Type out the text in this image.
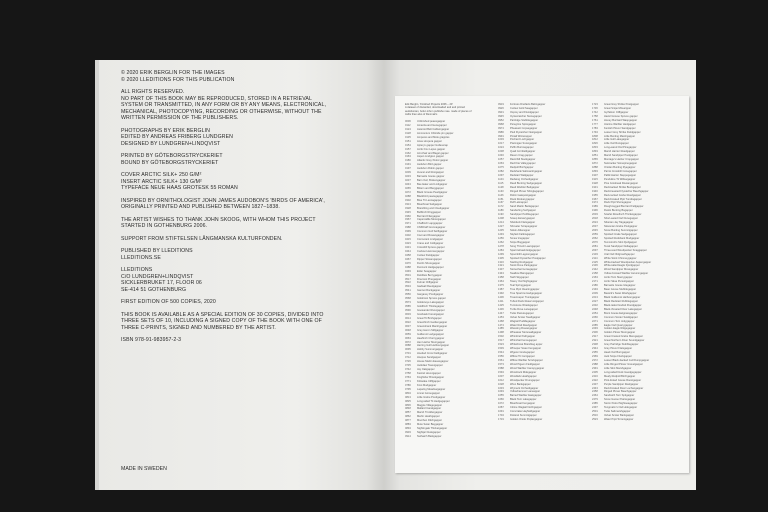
© 2020 ERIK BERGLIN FOR THE IMAGES
© 2020 LLEDITIONS FOR THIS PUBLICATION

ALL RIGHTS RESERVED.
NO PART OF THIS BOOK MAY BE REPRODUCED, STORED IN A RETRIEVAL
SYSTEM OR TRANSMITTED, IN ANY FORM OR BY ANY MEANS, ELECTRONICAL,
MECHANICAL, PHOTOCOPYING, RECORDING OR OTHERWISE, WITHOUT THE
WRITTEN PERMISSION OF THE PUBLISHERS.

PHOTOGRAPHS BY ERIK BERGLIN
EDITED BY ANDREAS FRIBERG LUNDGREN
DESIGNED BY LUNDGREN+LINDQVIST

PRINTED BY GÖTEBORGSTRYCKERIET
BOUND BY GÖTEBORGSTRYCKERIET

COVER ARCTIC SILK+ 250 G/M²
INSERT ARCTIC SILK+ 130 G/M²
TYPEFACE NEUE HAAS GROTESK 55 ROMAN

INSPIRED BY ORNITHOLOGIST JOHN JAMES AUDOBON'S 'BIRDS OF AMERICA',
ORIGINALLY PRINTED AND PUBLISHED BETWEEN 1827–1838.

THE ARTIST WISHES TO THANK JOHN SKOOG, WITH WHOM THIS PROJECT
STARTED IN GOTHENBURG 2006.

SUPPORT FROM STIFTELSEN LÅNGMANSKA KULTURFONDEN.

PUBLISHED BY LLEDITIONS
LLEDITIONS.SE

LLEDITIONS
C/O LUNDGREN+LINDQVIST
SICKLERBRUKET 17, FLOOR 06
SE-414 51 GOTHENBURG

FIRST EDITION OF 500 COPIES, 2020

THIS BOOK IS AVAILABLE AS A SPECIAL EDITION OF 30 COPIES, DIVIDED INTO
THREE SETS OF 10, INCLUDING A SIGNED COPY OF THE BOOK WITH ONE OF
THREE C-PRINTS, SIGNED AND NUMBERED BY THE ARTIST.

ISBN 978-91-983957-2-3

MADE IN SWEDEN
Erik Berglin, 'Finished Projects 2006 – 20'
A dataset of discarded, downloaded and and printed
audubonian, bolun infum publishe mae. made of pieces of
trellis than also of Renmak's
0006 Unfinished peacegapper
0112 Amanita and Genegapper
0124 Asteroid Belt Callisorgapper
0128 Ammonium Chloride pin gapper
0135 Amperes and Mole grapples
0151 Anas strepera gapper
0154 Apteryx gapper Gulleverap
0157 Arctic Fox Lepus gapper
0162 Armchair and Bagel gapper
0163 Aspen Lindgren gapper
0180 Atlantic Grey Petrel gapper
0191 Audubon Bird gapper
0197 Audubon Robin gapper
0209 Avocet and Rosigapper
0233 Barnacle Goose gapper
0237 Barn Owl, Brokengapper
0243 Bee Eater and Lindgapper
0265 Bittern and Berggapper
0272 Black Grouse Pearlgapper
0288 Blackbird peacegapper
0302 Blue Tit Lannagapper
0313 Bluethroat Saltgapper
0328 Brambling and Cloudgapper
0345 Bullfinch Ringgapper
0360 Buzzard Fliergapper
0367 Capercaillie Moongapper
0371 Chaffinch Lappgapper
0388 Chiffchaff Grennagapper
0399 Common Gull Swiftgapper
0402 Coot and Rowangapper
0415 Cormorant Lindgapper
0423 Crane and Coldgapper
0431 Crossbill Spruce gapper
0444 Cuckoo Hammergapper
0458 Curlew Fieldgapper
0467 Dipper Streamgapper
0476 Dunlin Shoregapper
0488 Dunnock Hedgegapper
0493 Eider Seagapper
0501 Fieldfare Berrygapper
0517 Firecrest Pinegapper
0522 Fulmar Cliffgapper
0534 Gadwall Reedgapper
0541 Gannet Rockgapper
0556 Garganey Pondgapper
0568 Goldcrest Spruce gapper
0573 Goldeneye Lakegapper
0585 Goldfinch Thistlegapper
0590 Goosander Rivergapper
0603 Goshawk Forestgapper
0614 Great Tit Birchgapper
0622 Greenfinch Gardengapper
0637 Greenshank Marshgapper
0648 Grey Heron Stillgapper
0659 Guillemot Ledgegapper
0663 Hawfinch Cherrygapper
0672 Hen Harrier Moorgapper
0688 Herring Gull Harbourgapper
0695 Hobby Summergapper
0701 Hooded Crow Fieldgapper
0712 Hoopoe Sandgapper
0726 House Martin Eavesgapper
0735 Jackdaw Towergapper
0742 Jay Oakgapper
0758 Kestrel Hovergapper
0763 Kingfisher Brookgapper
0771 Kittiwake Cliffgapper
0786 Knot Mudgapper
0795 Lapwing Meadowgapper
0804 Linnet Gorsegapper
0813 Little Grebe Pondgapper
0825 Long-tailed Tit Hedgegapper
0836 Magpie Villagegapper
0848 Mallard Canalgapper
0857 Marsh Tit Aldergapper
0862 Merlin Heathgapper
0877 Moorhen Ditchgapper
0883 Mute Swan Baygapper
0894 Nightingale Thicketgapper
0903 Nightjar Duskgapper
0914 Nuthatch Barkgapper
0919 Fortress Dreifacts Bahngapper
0926 Curlew Gold Seagapper
0931 Osprey and Floodgapper
0945 Oystercatcher Stonegapper
0952 Partridge Stubblegapper
0968 Peregrine Spiregapper
0974 Pheasant Copsegapper
0986 Pied Flycatcher Nestgapper
0991 Pintail Winterapper
1003 Pochard Lochgapper
1017 Ptarmigan Snowgapper
1024 Puffin Burrowgapper
1038 Quail Cornfieldgapper
1046 Raven Crag gapper
1057 Razorbill Stackgapper
1063 Red Kite Valleygapper
1075 Redpoll Birchgapper
1082 Redshank Saltmarshgapper
1097 Redstart Wallgapper
1104 Redwing Orchardgapper
1115	Reed Bunting Sedgegapper
1128 Reed Warbler Bedgapper
1133 Ringed Plover Shinglegapper
1146 Robin Gatepostgapper
1151 Rook Rookerygapper
1167 Ruff Leknapper
1172 Sand Martin Bankgapper
1189 Sanderling Surfgapper
1193 Sandpiper Pebblegapper
1208 Scaup Estuarygapper
1214 Shelduck Flatsgapper
1227 Shoveler Scrapegapper
1235 Siskin Alderapper
1249 Skylark Fallowgapper
1256 Smew Icegapper
1262 Snipe Boggapper
1278 Song Thrush Lawngapper
1284 Sparrowhawk Edgegapper
1299 Spoonbill Lagoongapper
1305 Spotted Flycatcher Postgapper
1316 Starling Roofgapper
1321 Stock Dove Parkgapper
1337 Stonechat Gorsegapper
1343 Swallow Barngapper
1358 Swift Skygapper
1364 Tawny Owl Nightgapper
1375 Teal Springgapper
1387 Tree Pipit Clearinggapper
1392 Tree Sparrow Hedgegapper
1406 Treecreeper Trunkgapper
1411 Tufted Duck Reservoirgapper
1425 Turnstone Wrackgapper
1436 Turtle Dove Lanegapper
1447 Twite Pasturegapper
1453 Velvet Scoter Swellgapper
1468 Wagtail Puddlegapper
1474 Water Rail Reedgapper
1485 Waxwing Rowangapper
1498 Wheatear Stonewallgapper
1502 Whimbrel Pathgapper
1517 Whinchat Fencegapper
1523 Whitethroat Brambleg apper
1539 Whooper Swan Fengapper
1544 Wigeon Grazegapper
1556 Willow Tit Carrgapper
1561 Willow Warbler Scrubgapper
1573 Wood Pigeon Fieldgapper
1588 Wood Warbler Canopygapper
1594 Woodcock Ridegapper
1607 Woodlark Heathgapper
1612 Woodpecker Drumgapper
1628 Wren Bankgapper
1633 Wryneck Orchardgapper
1649 Yellowhammer Laneapper
1655 Barred Warbler Eastgapper
1666 Black Tern Lakegapper
1672 Bluethroat Fengapper
1687 Citrine Wagtail Northgapper
1691 Corncrake Hayfieldgapper
1704 Dotterel Summitgapper
1719 Golden Oriole Poplargapper
1723 Great Grey Shrike Postgapper
1736 Great Snipe Mirearpper
1742 Gyrfalcon Cliffgapper
1758 Hazel Grouse Spruce gapper
1761 Honey Buzzard Waspgapper
1777 Icterine Warbler Hedgapper
1783 Kentish Plover Sandgapper
1794 Lesser Grey Shrike Fieldgapper
1808 Little Bunting Marshgapper
1812 Little Gull Lakegapper
1826 Little Owl Ruingapper
1833 Long-eared Owl Pinegapper
1849 Marsh Harrier Reedgapper
1851 Marsh Sandpiper Poolgapper
1865 Montagu's Harrier Cropgapper
1872 Nutcracker Stonepinegapper
1888 Ortolan Bunting Ryegapper
1893 Parrot Crossbill Conegapper
1907 Pallid Harrier Steppegapper
1915 Penduline Tit Willowgapper
1928 Pine Grosbeak Rowangapper
1931 Red-backed Shrike Bushgapper
1946 Red-breasted Flycatcher Beechgapper
1955 Red-necked Grebe Reedgapper
1967 Red-throated Pipit Tundragapper
1974 Rock Pipit Shoregapper
1989 Rough-legged Buzzard Fellgapper
1996 Rustic Bunting Bogapper
2003 Scarlet Rosefinch Thicketgapper
2018 Short-eared Owl Dunegapper
2024 Siberian Jay Taigagapper
2037 Slavonian Grebe Poolgapper
2045 Snow Bunting Summitgapper
2059 Spotted Crake Sedgegapper
2062 Spotted Redshank Mudgapper
2076 Temminck's Stint Fjellgapper
2081 Terek Sandpiper Deltagapper
2097 Three-toed Woodpecker Snaggapper
2103 Ural Owl Oldgrowthgapper
2114 White Stork Chimneygapper
2125 White-backed Woodpecker Aspengapper
2136 White-tailed Eagle Fjordgapper
2142 Wood Sandpiper Mossgapper
2158 Yellow-browed Warbler Autumngapper
2163 Arctic Tern Skerrygapper
2171 Arctic Skua Pursuitgapper
2186 Barnacle Goose Islegapper
2194 Bean Goose Stubblegapper
2209 Bewick's Swan Washgapper
2213 Black Guillemot Harbourgapper
2227 Black Redstart Rubblegapper
2232 Black-tailed Godwit Floodgapper
2248 Black-throated Diver Lakegapper
2254 Brent Goose Eelgrassgapper
2266 Common Scoter Swellgapper
2271 Common Tern Jettygapper
2285 Eagle Owl Quarrygapper
2293 Golden Eagle Ridgegapper
2306 Golden Plover Moorgapper
2317 Great Crested Grebe Meregapper
2321 Great Northern Diver Soundgapper
2338 Grey Partridge Stubblegapper
2344 Grey Plover Flatsgapper
2355 Hawk Owl Burngapper
2369 Jack Snipe Flushgapper
2372 Lesser Black-backed Gull Dumpgapper
2388 Little Ringed Plover Gravelgapper
2391 Little Stint Marshgapper
2405 Long-tailed Duck Iceedgegapper
2416 Mealy Redpoll Birchgapper
2422 Pink-footed Goose Roostgapper
2437 Purple Sandpiper Reefgapper
2443 Red-throated Diver Lochangapper
2458 Ringed Plover Beachgapper
2464 Sandwich Tern Spitgapper
2479 Snow Goose Prairiegapper
2485 Storm Petrel Nightseagapper
2497 Tengmalm's Owl Holegapper
2501 Twite Saltmarshgapper
2516 Velvet Scoter Bankgapper
2523 Water Pipit Torrentgapper
